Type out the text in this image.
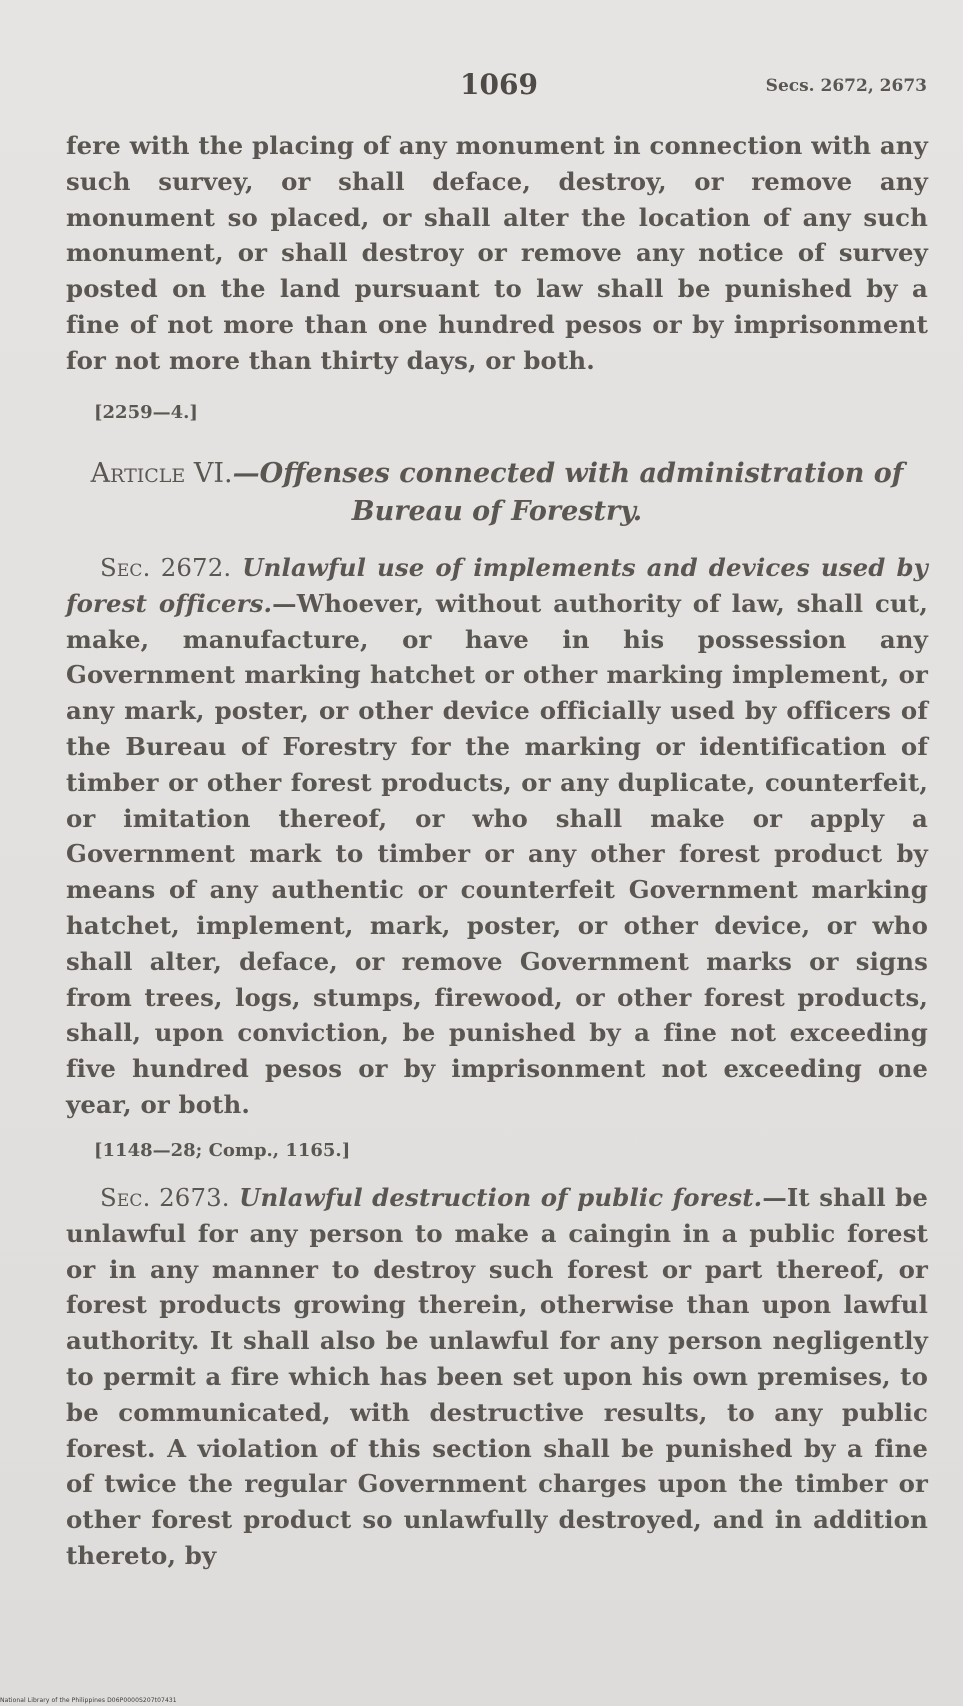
1069	Secs. 2672, 2673
fere with the placing of any monument in connection with any such survey, or shall deface, destroy, or remove any monument so placed, or shall alter the location of any such monument, or shall destroy or remove any notice of survey posted on the land pursuant to law shall be punished by a fine of not more than one hundred pesos or by imprisonment for not more than thirty days, or both.
[2259—4.]
Article VI.—Offenses connected with administration of Bureau of Forestry.
Sec. 2672. Unlawful use of implements and devices used by forest officers.—Whoever, without authority of law, shall cut, make, manufacture, or have in his possession any Government marking hatchet or other marking implement, or any mark, poster, or other device officially used by officers of the Bureau of Forestry for the marking or identification of timber or other forest products, or any duplicate, counterfeit, or imitation thereof, or who shall make or apply a Government mark to timber or any other forest product by means of any authentic or counterfeit Government marking hatchet, implement, mark, poster, or other device, or who shall alter, deface, or remove Government marks or signs from trees, logs, stumps, firewood, or other forest products, shall, upon conviction, be punished by a fine not exceeding five hundred pesos or by imprisonment not exceeding one year, or both.
[1148—28; Comp., 1165.]
Sec. 2673. Unlawful destruction of public forest.—It shall be unlawful for any person to make a caingin in a public forest or in any manner to destroy such forest or part thereof, or forest products growing therein, otherwise than upon lawful authority. It shall also be unlawful for any person negligently to permit a fire which has been set upon his own premises, to be communicated, with destructive results, to any public forest. A violation of this section shall be punished by a fine of twice the regular Government charges upon the timber or other forest product so unlawfully destroyed, and in addition thereto, by
National Library of the Philippines D06P0000S207t07431
